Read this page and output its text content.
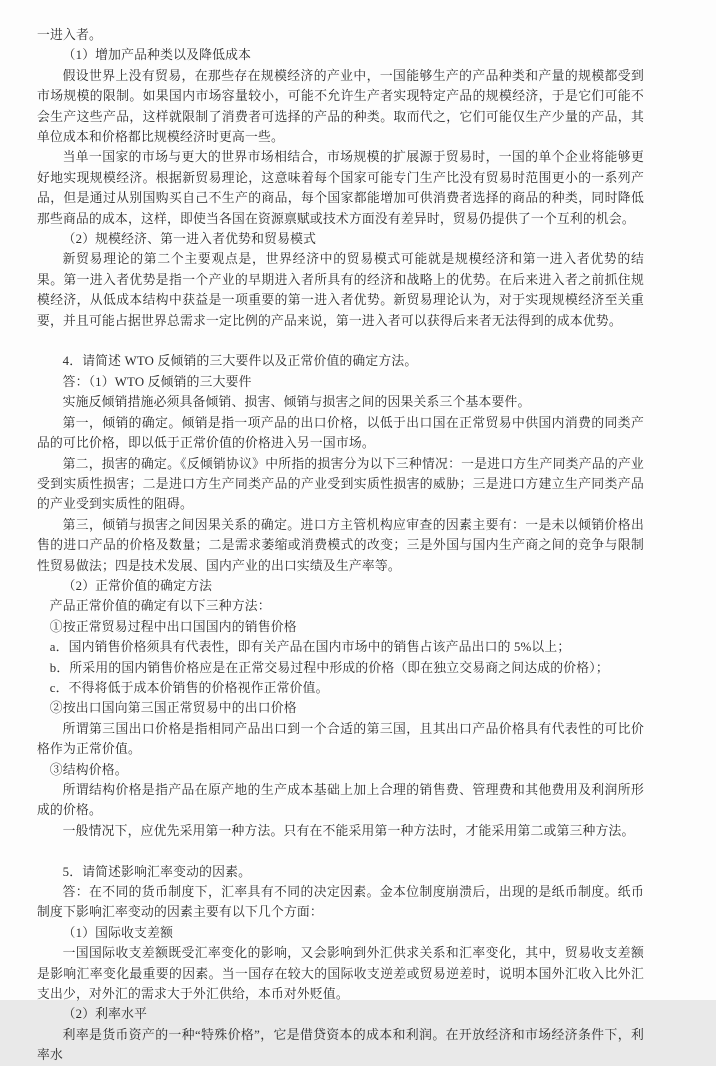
一进入者。

（1）增加产品种类以及降低成本

假设世界上没有贸易，在那些存在规模经济的产业中，一国能够生产的产品种类和产量的规模都受到市场规模的限制。如果国内市场容量较小，可能不允许生产者实现特定产品的规模经济，于是它们可能不会生产这些产品，这样就限制了消费者可选择的产品的种类。取而代之，它们可能仅生产少量的产品，其单位成本和价格都比规模经济时更高一些。

当单一国家的市场与更大的世界市场相结合，市场规模的扩展源于贸易时，一国的单个企业将能够更好地实现规模经济。根据新贸易理论，这意味着每个国家可能专门生产比没有贸易时范围更小的一系列产品，但是通过从别国购买自己不生产的商品，每个国家都能增加可供消费者选择的商品的种类，同时降低那些商品的成本，这样，即使当各国在资源禀赋或技术方面没有差异时，贸易仍提供了一个互利的机会。

（2）规模经济、第一进入者优势和贸易模式

新贸易理论的第二个主要观点是，世界经济中的贸易模式可能就是规模经济和第一进入者优势的结果。第一进入者优势是指一个产业的早期进入者所具有的经济和战略上的优势。在后来进入者之前抓住规模经济，从低成本结构中获益是一项重要的第一进入者优势。新贸易理论认为，对于实现规模经济至关重要，并且可能占据世界总需求一定比例的产品来说，第一进入者可以获得后来者无法得到的成本优势。

4．请简述 WTO 反倾销的三大要件以及正常价值的确定方法。

答：（1）WTO 反倾销的三大要件

实施反倾销措施必须具备倾销、损害、倾销与损害之间的因果关系三个基本要件。

第一，倾销的确定。倾销是指一项产品的出口价格，以低于出口国在正常贸易中供国内消费的同类产品的可比价格，即以低于正常价值的价格进入另一国市场。

第二，损害的确定。《反倾销协议》中所指的损害分为以下三种情况：一是进口方生产同类产品的产业受到实质性损害；二是进口方生产同类产品的产业受到实质性损害的威胁；三是进口方建立生产同类产品的产业受到实质性的阻碍。

第三，倾销与损害之间因果关系的确定。进口方主管机构应审查的因素主要有：一是未以倾销价格出售的进口产品的价格及数量；二是需求萎缩或消费模式的改变；三是外国与国内生产商之间的竞争与限制性贸易做法；四是技术发展、国内产业的出口实绩及生产率等。

（2）正常价值的确定方法

产品正常价值的确定有以下三种方法：

①按正常贸易过程中出口国国内的销售价格

a．国内销售价格须具有代表性，即有关产品在国内市场中的销售占该产品出口的 5%以上；

b．所采用的国内销售价格应是在正常交易过程中形成的价格（即在独立交易商之间达成的价格）；

c．不得将低于成本价销售的价格视作正常价值。

②按出口国向第三国正常贸易中的出口价格

所谓第三国出口价格是指相同产品出口到一个合适的第三国，且其出口产品价格具有代表性的可比价格作为正常价值。

③结构价格。

所谓结构价格是指产品在原产地的生产成本基础上加上合理的销售费、管理费和其他费用及利润所形成的价格。

一般情况下，应优先采用第一种方法。只有在不能采用第一种方法时，才能采用第二或第三种方法。

5．请简述影响汇率变动的因素。

答：在不同的货币制度下，汇率具有不同的决定因素。金本位制度崩溃后，出现的是纸币制度。纸币制度下影响汇率变动的因素主要有以下几个方面：

（1）国际收支差额

一国国际收支差额既受汇率变化的影响，又会影响到外汇供求关系和汇率变化，其中，贸易收支差额是影响汇率变化最重要的因素。当一国存在较大的国际收支逆差或贸易逆差时，说明本国外汇收入比外汇支出少，对外汇的需求大于外汇供给，本币对外贬值。

（2）利率水平

利率是货币资产的一种“特殊价格”，它是借贷资本的成本和利润。在开放经济和市场经济条件下，利率水
